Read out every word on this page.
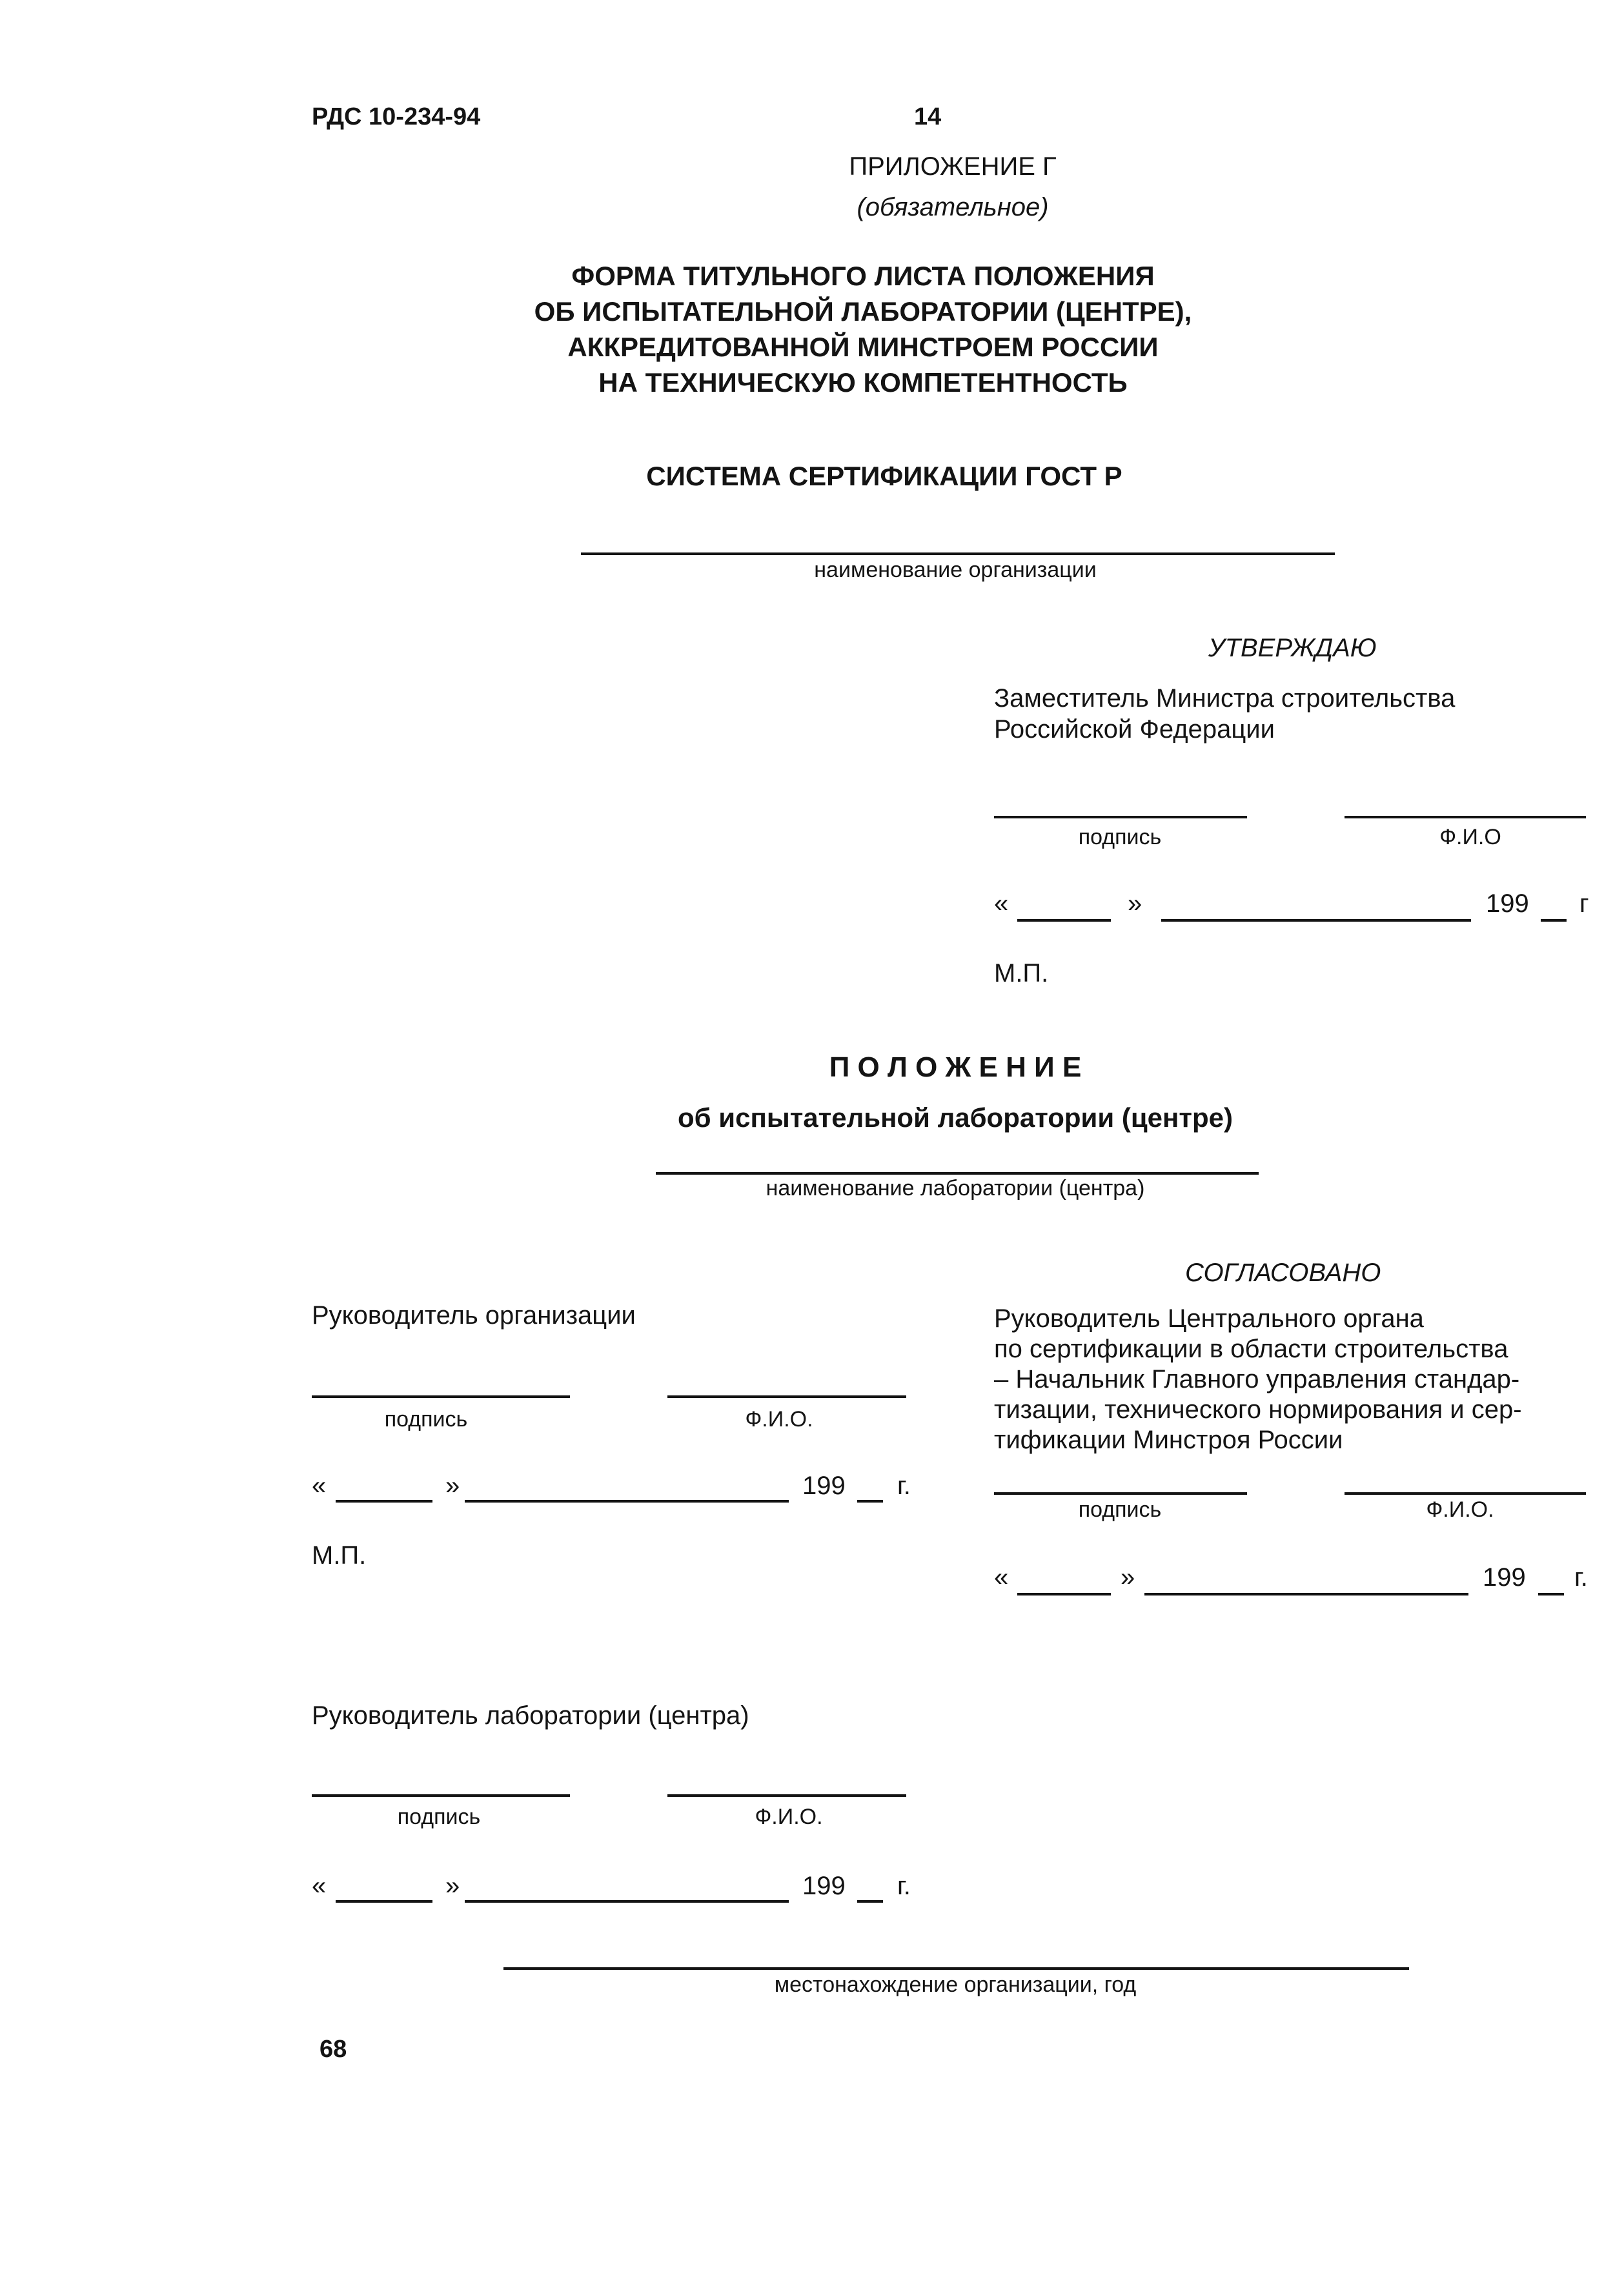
РДС 10-234-94	14
ПРИЛОЖЕНИЕ Г
(обязательное)
ФОРМА ТИТУЛЬНОГО ЛИСТА ПОЛОЖЕНИЯ
ОБ ИСПЫТАТЕЛЬНОЙ ЛАБОРАТОРИИ (ЦЕНТРЕ),
АККРЕДИТОВАННОЙ МИНСТРОЕМ РОССИИ
НА ТЕХНИЧЕСКУЮ КОМПЕТЕНТНОСТЬ
СИСТЕМА СЕРТИФИКАЦИИ ГОСТ Р
наименование организации
УТВЕРЖДАЮ
Заместитель Министра строительства
Российской Федерации
подпись	Ф.И.О
«	»	199 г
М.П.
П О Л О Ж Е Н И Е
об испытательной лаборатории (центре)
наименование лаборатории (центра)
СОГЛАСОВАНО
Руководитель Центрального органа
по сертификации в области строительства
– Начальник Главного управления стандар-
тизации, технического нормирования и сер-
тификации Минстроя России
подпись	Ф.И.О.
«	»	199 г.
Руководитель организации
подпись	Ф.И.О.
«	»	199 г.
М.П.
Руководитель лаборатории (центра)
подпись	Ф.И.О.
«	»	199 г.
местонахождение организации, год
68
